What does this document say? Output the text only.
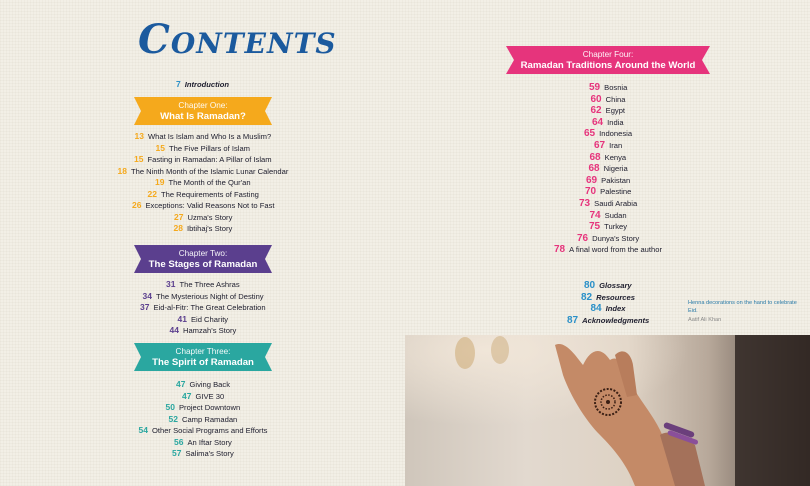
Contents
7 Introduction
Chapter One:
What Is Ramadan?
13 What Is Islam and Who Is a Muslim?
15 The Five Pillars of Islam
15 Fasting in Ramadan: A Pillar of Islam
18 The Ninth Month of the Islamic Lunar Calendar
19 The Month of the Qur'an
22 The Requirements of Fasting
26 Exceptions: Valid Reasons Not to Fast
27 Uzma's Story
28 Ibtihaj's Story
Chapter Two:
The Stages of Ramadan
31 The Three Ashras
34 The Mysterious Night of Destiny
37 Eid-al-Fitr: The Great Celebration
41 Eid Charity
44 Hamzah's Story
Chapter Three:
The Spirit of Ramadan
47 Giving Back
47 GIVE 30
50 Project Downtown
52 Camp Ramadan
54 Other Social Programs and Efforts
56 An Iftar Story
57 Salima's Story
Chapter Four:
Ramadan Traditions Around the World
59 Bosnia
60 China
62 Egypt
64 India
65 Indonesia
67 Iran
68 Kenya
68 Nigeria
69 Pakistan
70 Palestine
73 Saudi Arabia
74 Sudan
75 Turkey
76 Dunya's Story
78 A final word from the author
80 Glossary
82 Resources
84 Index
87 Acknowledgments
Henna decorations on the hand to celebrate Eid.
Aatif Ali Khan
